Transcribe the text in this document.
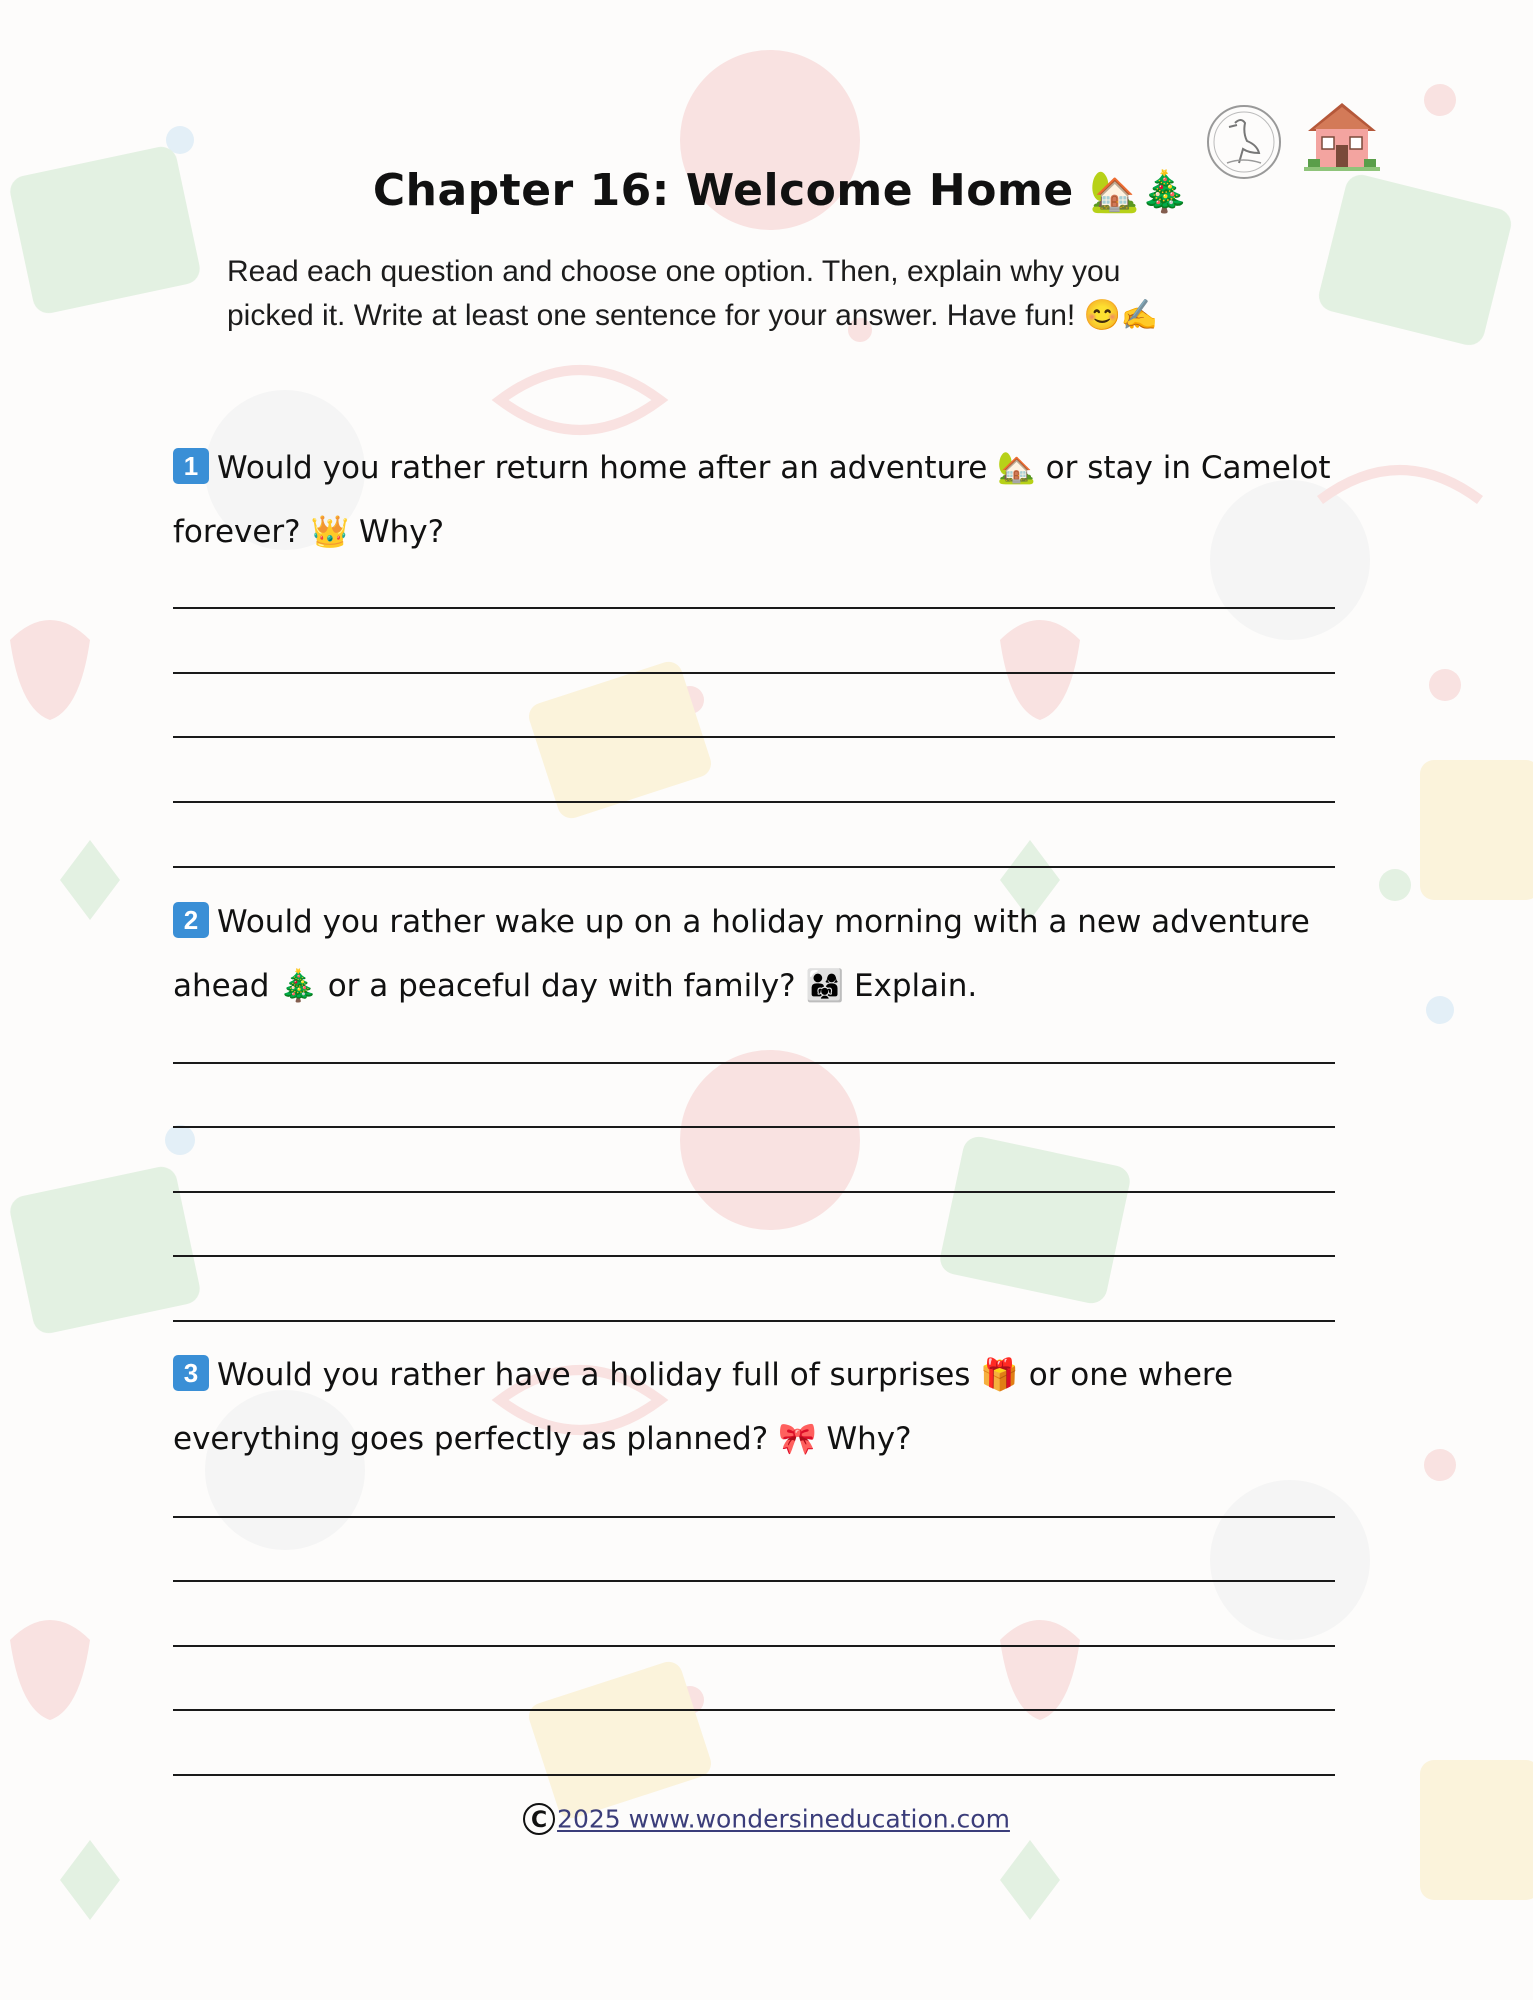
Chapter 16: Welcome Home 🏡🎄
Read each question and choose one option. Then, explain why you
picked it. Write at least one sentence for your answer. Have fun! 😊✍
1 Would you rather return home after an adventure 🏡 or stay in Camelot
forever? 👑 Why?
2 Would you rather wake up on a holiday morning with a new adventure
ahead 🎄 or a peaceful day with family? 👨‍👩‍👧 Explain.
3 Would you rather have a holiday full of surprises 🎁 or one where
everything goes perfectly as planned? 🎀 Why?
C 2025 www.wondersineducation.com
